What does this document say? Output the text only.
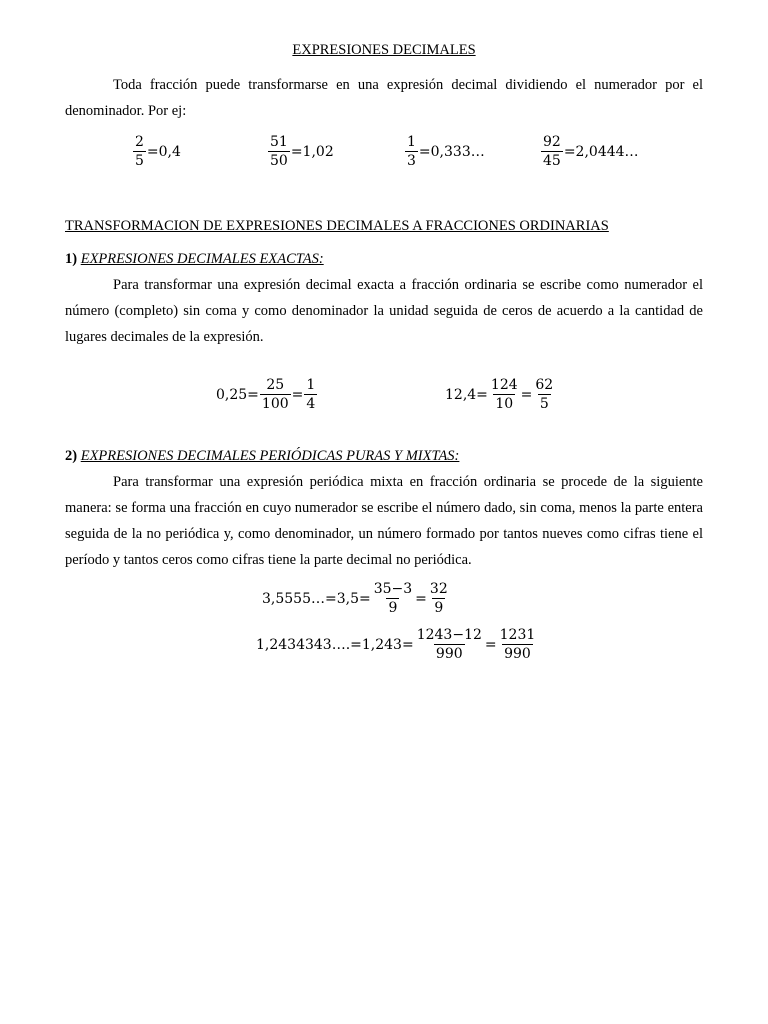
EXPRESIONES DECIMALES
Toda fracción puede transformarse en una expresión decimal dividiendo el numerador por el denominador. Por ej:
$\frac{2}{5} =0,4$	$\frac{51}{50} =1,02$	$\frac{1}{3}$ =0,333…	$\frac{92}{45}$ =2,0444…
TRANSFORMACION DE EXPRESIONES DECIMALES A FRACCIONES ORDINARIAS
1) EXPRESIONES DECIMALES EXACTAS:
Para transformar una expresión decimal exacta a fracción ordinaria se escribe como numerador el número (completo) sin coma y como denominador la unidad seguida de ceros de acuerdo a la cantidad de lugares decimales de la expresión.
$0,25= \frac{25}{100} = \frac{1}{4}$	$12,4= \frac{124}{10} = \frac{62}{5}$
2) EXPRESIONES DECIMALES PERIÓDICAS PURAS Y MIXTAS:
Para transformar una expresión periódica mixta en fracción ordinaria se procede de la siguiente manera: se forma una fracción en cuyo numerador se escribe el número dado, sin coma, menos la parte entera seguida de la no periódica y, como denominador, un número formado por tantos nueves como cifras tiene el período y tantos ceros como cifras tiene la parte decimal no periódica.
3,5555…=3,5= $\frac{35-3}{9} = \frac{32}{9}$
1,2434343….=1,243= $\frac{1243-12}{990} = \frac{1231}{990}$
